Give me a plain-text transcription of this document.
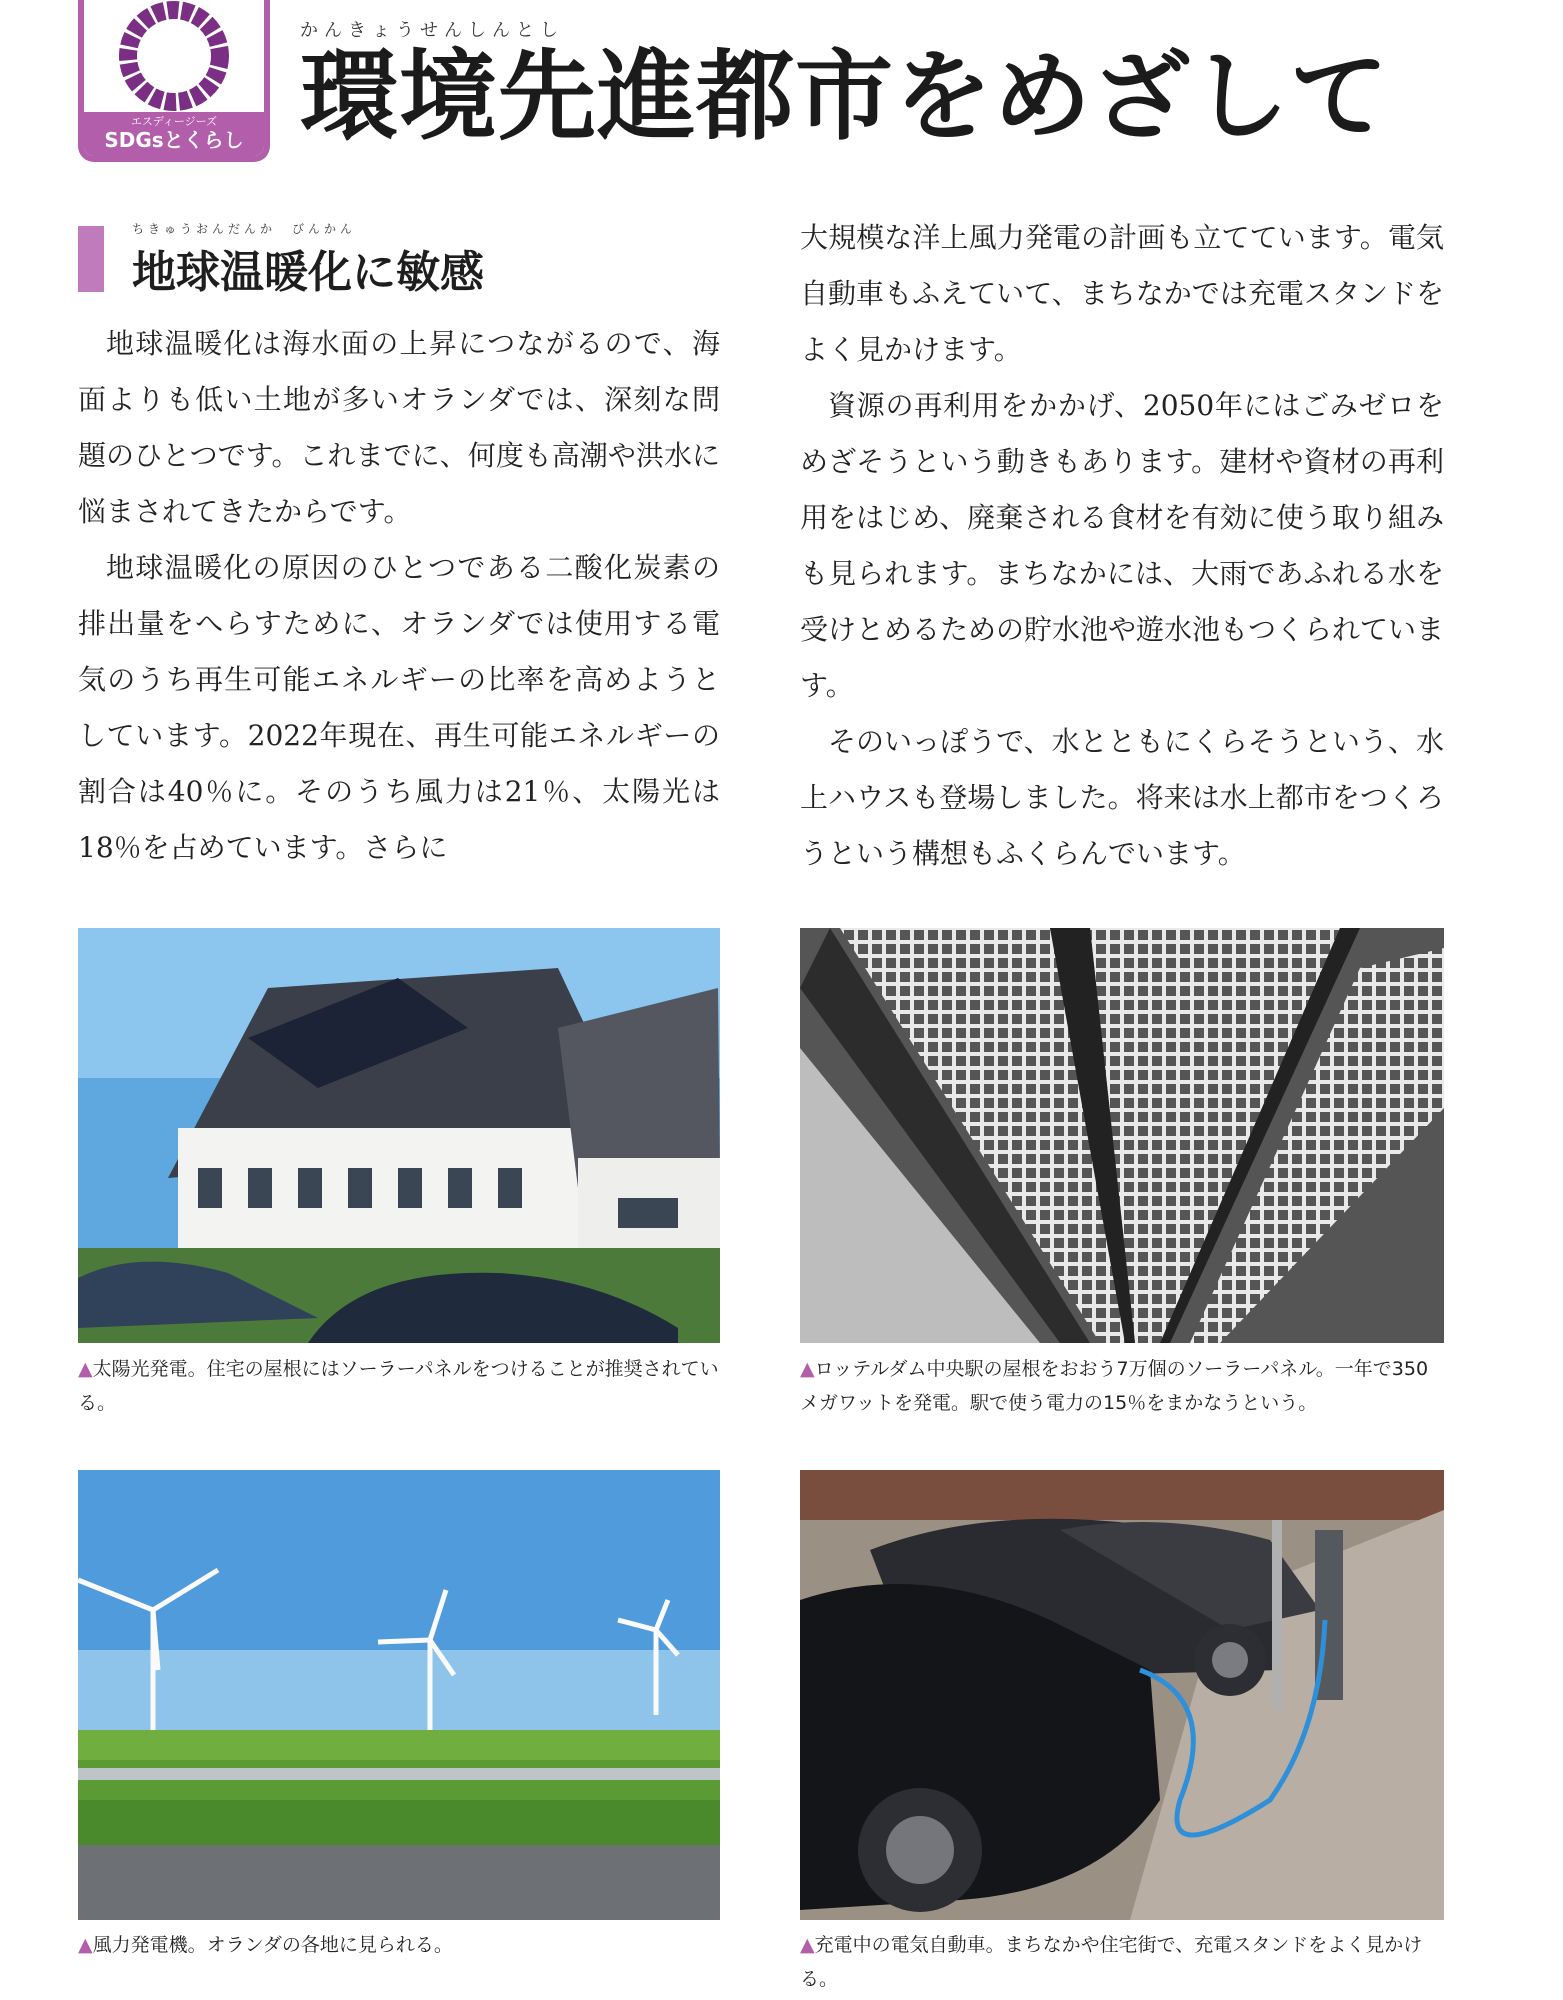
エスディージーズ
SDGsとくらし
かんきょうせんしんとし
環境先進都市をめざして
ちきゅうおんだんか　びんかん
地球温暖化に敏感

地球温暖化は海水面の上昇につながるので、海面よりも低い土地が多いオランダでは、深刻な問題のひとつです。これまでに、何度も高潮や洪水に悩まされてきたからです。

地球温暖化の原因のひとつである二酸化炭素の排出量をへらすために、オランダでは使用する電気のうち再生可能エネルギーの比率を高めようとしています。2022年現在、再生可能エネルギーの割合は40％に。そのうち風力は21％、太陽光は18％を占めています。さらに

大規模な洋上風力発電の計画も立てています。電気自動車もふえていて、まちなかでは充電スタンドをよく見かけます。

資源の再利用をかかげ、2050年にはごみゼロをめざそうという動きもあります。建材や資材の再利用をはじめ、廃棄される食材を有効に使う取り組みも見られます。まちなかには、大雨であふれる水を受けとめるための貯水池や遊水池もつくられています。

そのいっぽうで、水とともにくらそうという、水上ハウスも登場しました。将来は水上都市をつくろうという構想もふくらんでいます。

▲太陽光発電。住宅の屋根にはソーラーパネルをつけることが推奨されている。
▲ロッテルダム中央駅の屋根をおおう7万個のソーラーパネル。一年で350メガワットを発電。駅で使う電力の15％をまかなうという。
▲風力発電機。オランダの各地に見られる。	▲充電中の電気自動車。まちなかや住宅街で、充電スタンドをよく見かける。
